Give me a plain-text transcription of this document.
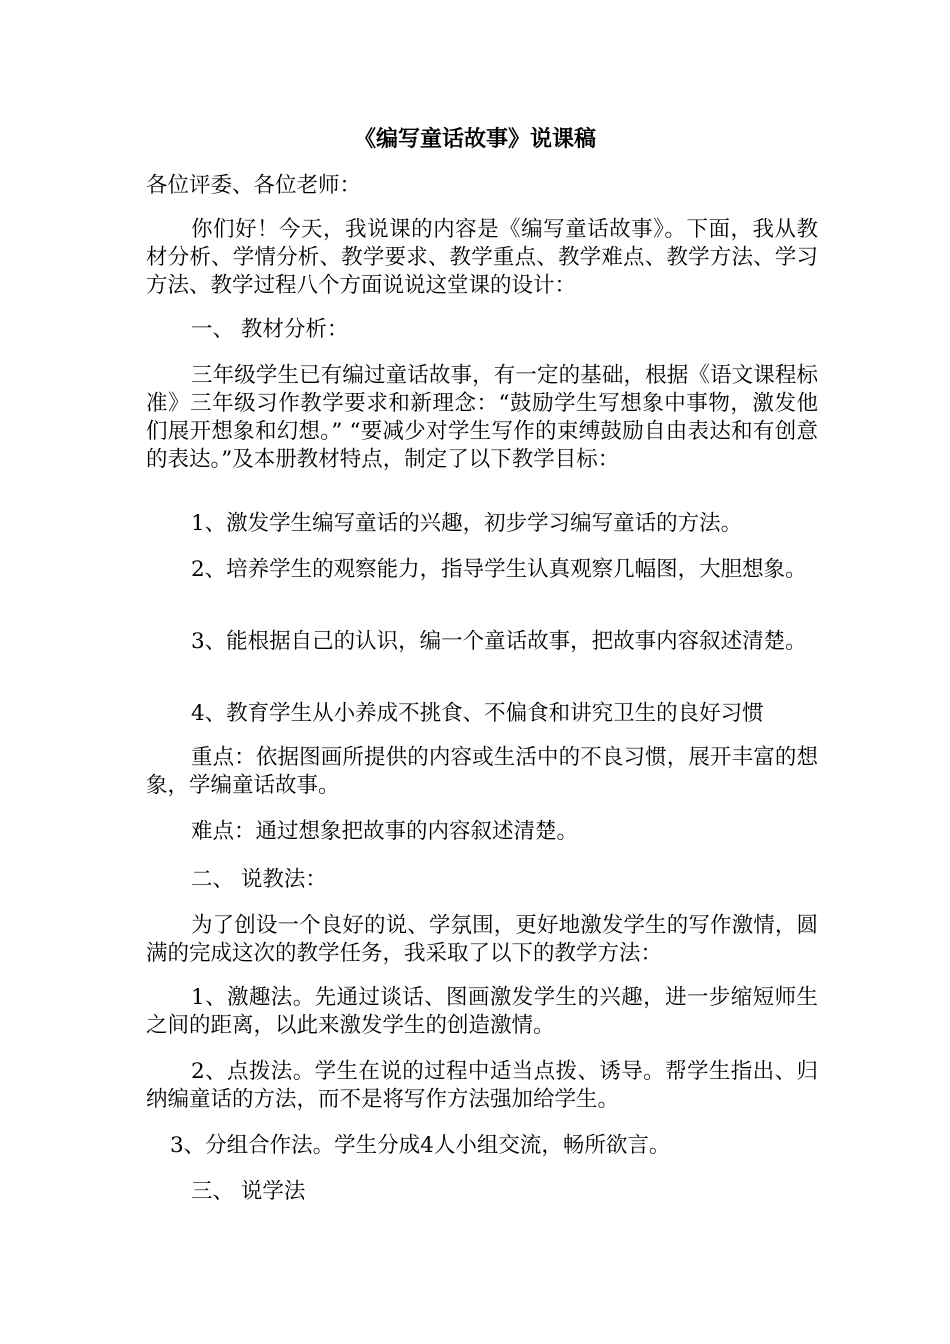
《编写童话故事》说课稿

各位评委、各位老师：

你们好！今天，我说课的内容是《编写童话故事》。下面，我从教材分析、学情分析、教学要求、教学重点、教学难点、教学方法、学习方法、教学过程八个方面说说这堂课的设计：

一、 教材分析：

三年级学生已有编过童话故事，有一定的基础，根据《语文课程标准》三年级习作教学要求和新理念：“鼓励学生写想象中事物，激发他们展开想象和幻想。” “要减少对学生写作的束缚鼓励自由表达和有创意的表达。”及本册教材特点，制定了以下教学目标：

1、激发学生编写童话的兴趣，初步学习编写童话的方法。

2、培养学生的观察能力，指导学生认真观察几幅图，大胆想象。

3、能根据自己的认识，编一个童话故事，把故事内容叙述清楚。

4、教育学生从小养成不挑食、不偏食和讲究卫生的良好习惯

重点：依据图画所提供的内容或生活中的不良习惯，展开丰富的想象，学编童话故事。

难点：通过想象把故事的内容叙述清楚。

二、 说教法：

为了创设一个良好的说、学氛围，更好地激发学生的写作激情，圆满的完成这次的教学任务，我采取了以下的教学方法：

1、激趣法。先通过谈话、图画激发学生的兴趣，进一步缩短师生之间的距离，以此来激发学生的创造激情。

2、点拨法。学生在说的过程中适当点拨、诱导。帮学生指出、归纳编童话的方法，而不是将写作方法强加给学生。

3、分组合作法。学生分成4人小组交流，畅所欲言。

三、 说学法
